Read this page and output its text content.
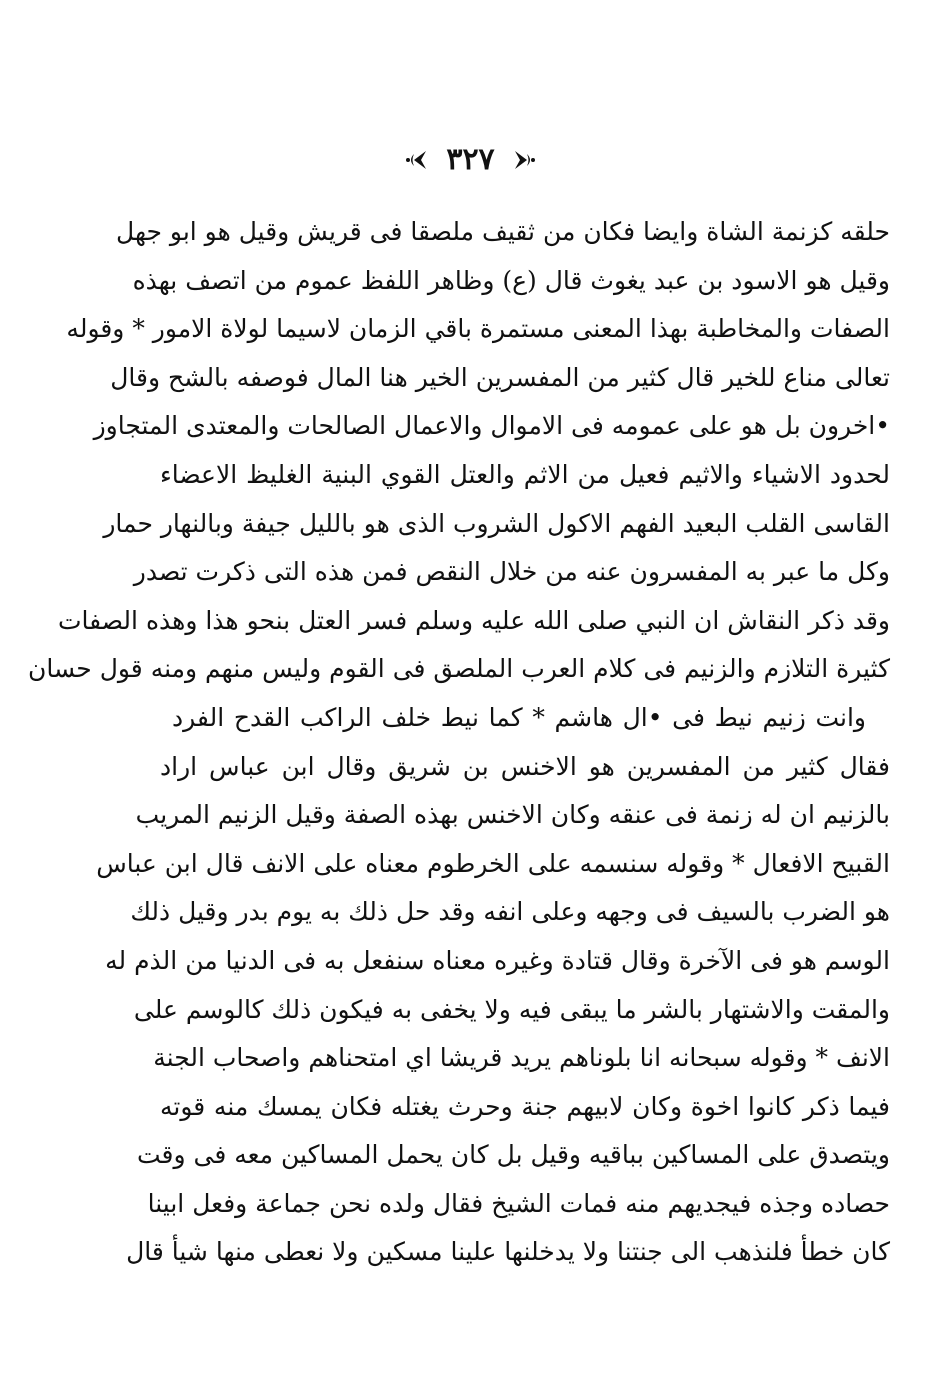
٣٢٧
حلقه كزنمة الشاة وايضا فكان من ثقيف ملصقا فى قريش وقيل هو ابو جهل
وقيل هو الاسود بن عبد يغوث قال (ع) وظاهر اللفظ عموم من اتصف بهذه
الصفات والمخاطبة بهذا المعنى مستمرة باقي الزمان لاسيما لولاة الامور * وقوله
تعالى مناع للخير قال كثير من المفسرين الخير هنا المال فوصفه بالشح وقال
•اخرون بل هو على عمومه فى الاموال والاعمال الصالحات والمعتدى المتجاوز
لحدود الاشياء والاثيم فعيل من الاثم والعتل القوي البنية الغليظ الاعضاء
القاسى القلب البعيد الفهم الاكول الشروب الذى هو بالليل جيفة وبالنهار حمار
وكل ما عبر به المفسرون عنه من خلال النقص فمن هذه التى ذكرت تصدر
وقد ذكر النقاش ان النبي صلى الله عليه وسلم فسر العتل بنحو هذا وهذه الصفات
كثيرة التلازم والزنيم فى كلام العرب الملصق فى القوم وليس منهم ومنه قول حسان
وانت زنيم نيط فى •ال هاشم * كما نيط خلف الراكب القدح الفرد
فقال كثير من المفسرين هو الاخنس بن شريق وقال ابن عباس اراد
بالزنيم ان له زنمة فى عنقه وكان الاخنس بهذه الصفة وقيل الزنيم المريب
القبيح الافعال * وقوله سنسمه على الخرطوم معناه على الانف قال ابن عباس
هو الضرب بالسيف فى وجهه وعلى انفه وقد حل ذلك به يوم بدر وقيل ذلك
الوسم هو فى الآخرة وقال قتادة وغيره معناه سنفعل به فى الدنيا من الذم له
والمقت والاشتهار بالشر ما يبقى فيه ولا يخفى به فيكون ذلك كالوسم على
الانف * وقوله سبحانه انا بلوناهم يريد قريشا اي امتحناهم واصحاب الجنة
فيما ذكر كانوا اخوة وكان لابيهم جنة وحرث يغتله فكان يمسك منه قوته
ويتصدق على المساكين بباقيه وقيل بل كان يحمل المساكين معه فى وقت
حصاده وجذه فيجديهم منه فمات الشيخ فقال ولده نحن جماعة وفعل ابينا
كان خطأ فلنذهب الى جنتنا ولا يدخلنها علينا مسكين ولا نعطى منها شيأ قال
